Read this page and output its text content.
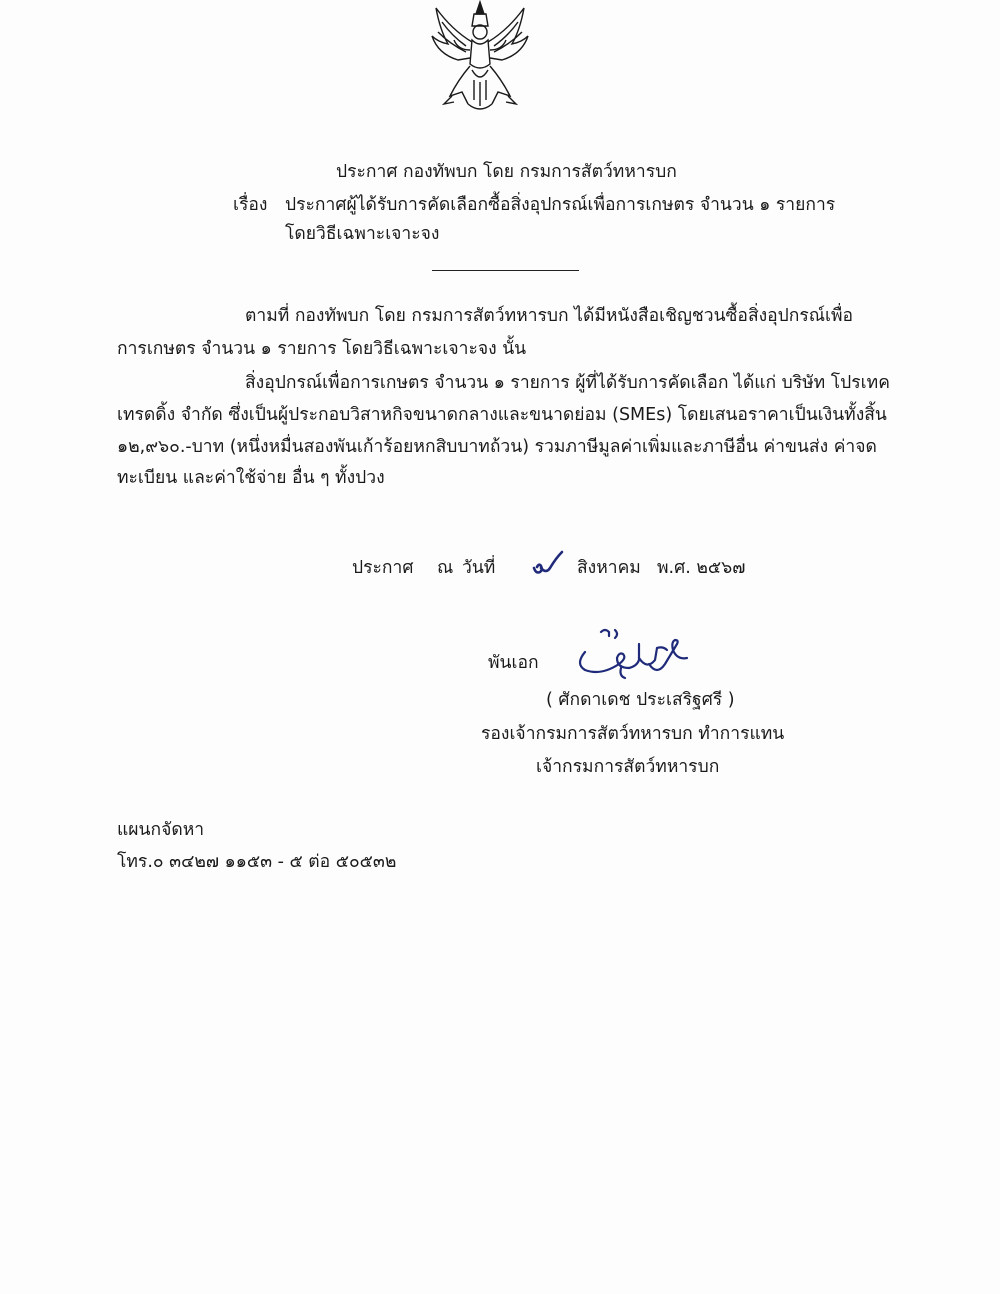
ประกาศ กองทัพบก โดย กรมการสัตว์ทหารบก
เรื่อง ประกาศผู้ได้รับการคัดเลือกซื้อสิ่งอุปกรณ์เพื่อการเกษตร จำนวน ๑ รายการ
โดยวิธีเฉพาะเจาะจง
ตามที่ กองทัพบก โดย กรมการสัตว์ทหารบก ได้มีหนังสือเชิญชวนซื้อสิ่งอุปกรณ์เพื่อ
การเกษตร จำนวน ๑ รายการ โดยวิธีเฉพาะเจาะจง นั้น
สิ่งอุปกรณ์เพื่อการเกษตร จำนวน ๑ รายการ ผู้ที่ได้รับการคัดเลือก ได้แก่ บริษัท โปรเทค
เทรดดิ้ง จำกัด ซึ่งเป็นผู้ประกอบวิสาหกิจขนาดกลางและขนาดย่อม (SMEs) โดยเสนอราคาเป็นเงินทั้งสิ้น
๑๒,๙๖๐.-บาท (หนึ่งหมื่นสองพันเก้าร้อยหกสิบบาทถ้วน) รวมภาษีมูลค่าเพิ่มและภาษีอื่น ค่าขนส่ง ค่าจด
ทะเบียน และค่าใช้จ่าย อื่น ๆ ทั้งปวง
ประกาศ ณ วันที่	สิงหาคม พ.ศ. ๒๕๖๗
พันเอก
( ศักดาเดช ประเสริฐศรี )
รองเจ้ากรมการสัตว์ทหารบก ทำการแทน
เจ้ากรมการสัตว์ทหารบก
แผนกจัดหา
โทร.๐ ๓๔๒๗ ๑๑๕๓ - ๕ ต่อ ๕๐๕๓๒
